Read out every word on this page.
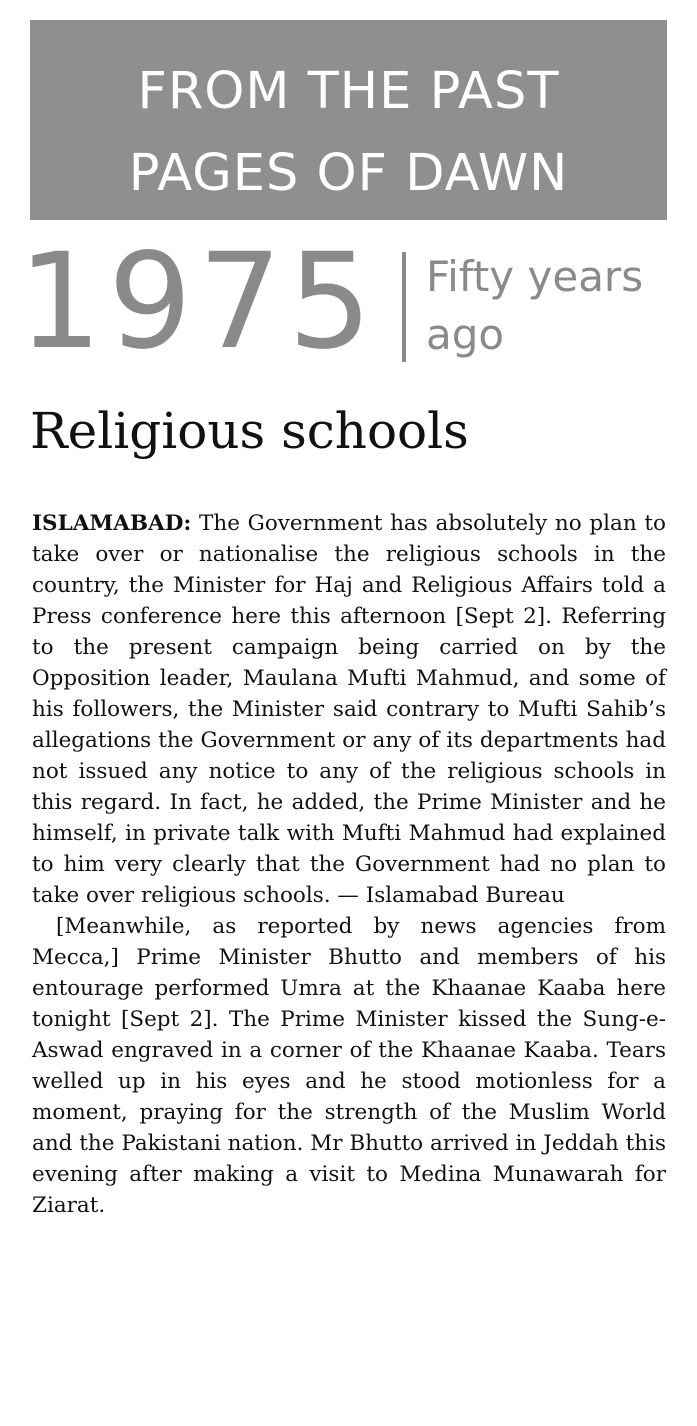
FROM THE PAST
PAGES OF DAWN
1975 Fifty years
ago
Religious schools

ISLAMABAD: The Government has absolutely no plan to take over or nationalise the religious schools in the country, the Minister for Haj and Religious Affairs told a Press conference here this afternoon [Sept 2]. Referring to the present campaign being carried on by the Opposition leader, Maulana Mufti Mahmud, and some of his followers, the Minister said contrary to Mufti Sahib’s allegations the Government or any of its departments had not issued any notice to any of the religious schools in this regard. In fact, he added, the Prime Minister and he himself, in private talk with Mufti Mahmud had explained to him very clearly that the Government had no plan to take over religious schools. — Islamabad Bureau

[Meanwhile, as reported by news agencies from Mecca,] Prime Minister Bhutto and members of his entourage performed Umra at the Khaanae Kaaba here tonight [Sept 2]. The Prime Minister kissed the Sung-e-Aswad engraved in a corner of the Khaanae Kaaba. Tears welled up in his eyes and he stood motionless for a moment, praying for the strength of the Muslim World and the Pakistani nation. Mr Bhutto arrived in Jeddah this evening after making a visit to Medina Munawarah for Ziarat.
